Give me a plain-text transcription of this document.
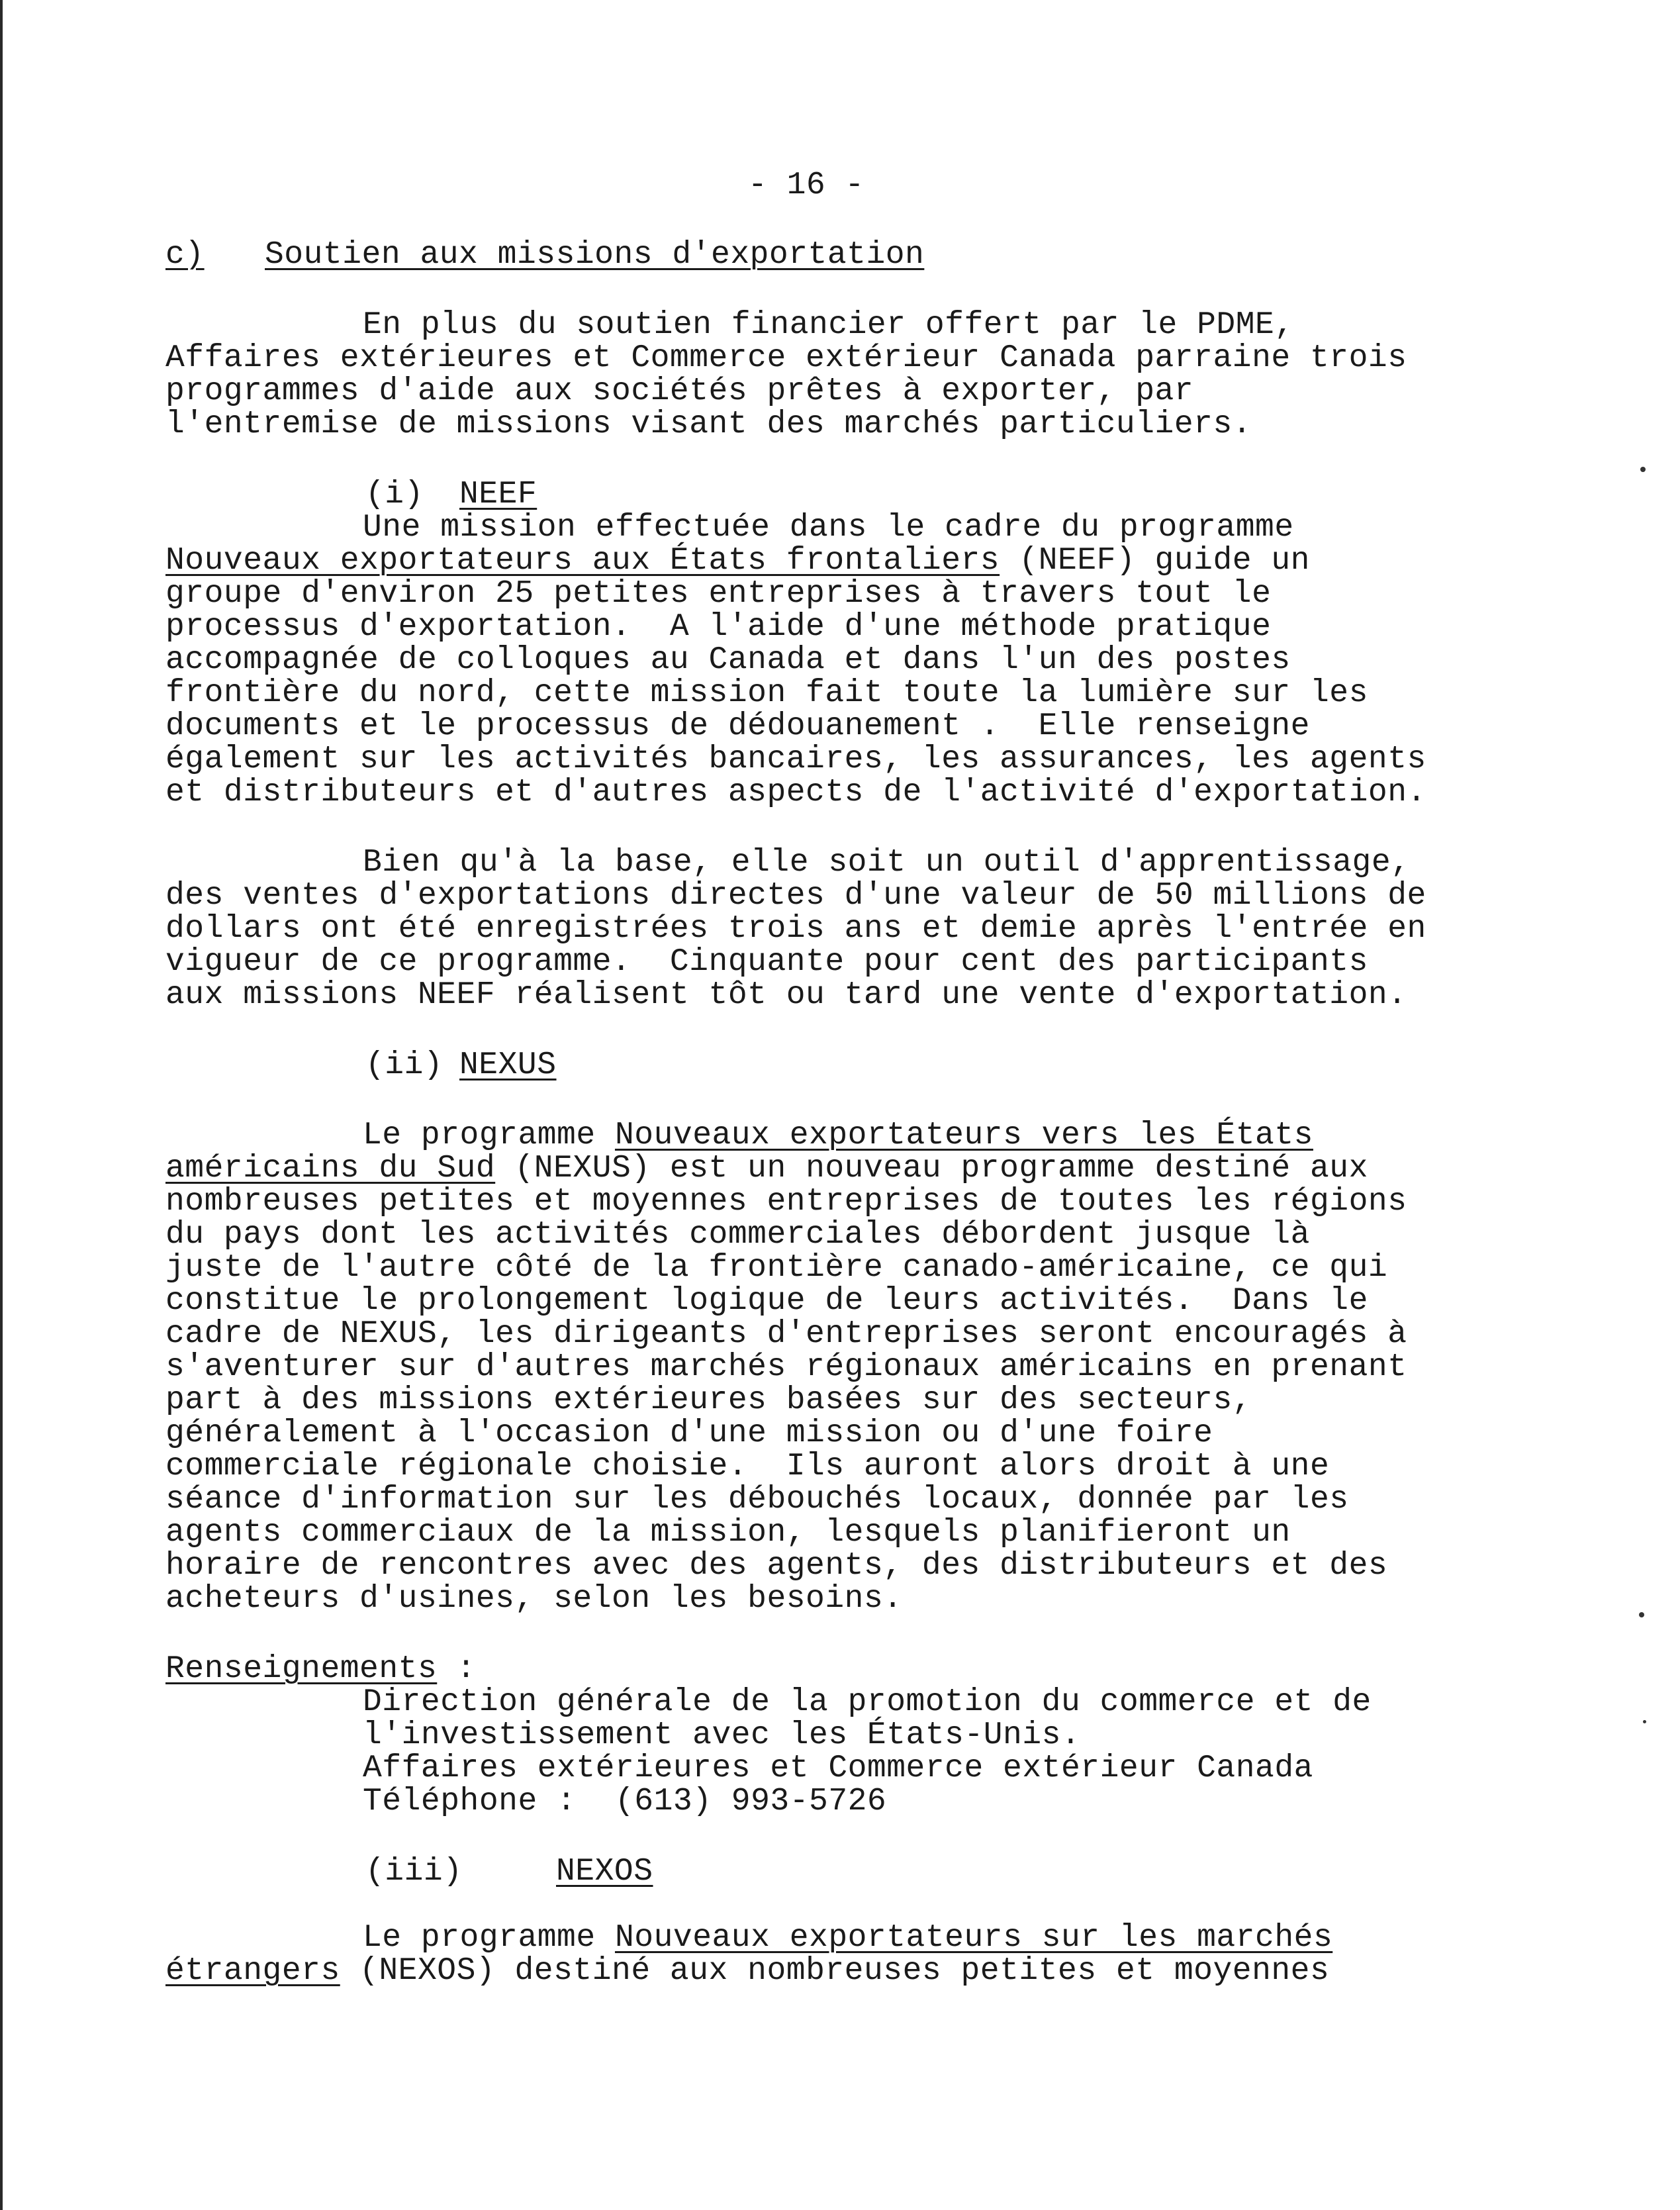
- 16 -
c) Soutien aux missions d'exportation
En plus du soutien financier offert par le PDME,
Affaires extérieures et Commerce extérieur Canada parraine trois
programmes d'aide aux sociétés prêtes à exporter, par
l'entremise de missions visant des marchés particuliers.
(i) NEEF
Une mission effectuée dans le cadre du programme
Nouveaux exportateurs aux États frontaliers (NEEF) guide un
groupe d'environ 25 petites entreprises à travers tout le
processus d'exportation.  A l'aide d'une méthode pratique
accompagnée de colloques au Canada et dans l'un des postes
frontière du nord, cette mission fait toute la lumière sur les
documents et le processus de dédouanement .  Elle renseigne
également sur les activités bancaires, les assurances, les agents
et distributeurs et d'autres aspects de l'activité d'exportation.
Bien qu'à la base, elle soit un outil d'apprentissage,
des ventes d'exportations directes d'une valeur de 50 millions de
dollars ont été enregistrées trois ans et demie après l'entrée en
vigueur de ce programme.  Cinquante pour cent des participants
aux missions NEEF réalisent tôt ou tard une vente d'exportation.
(ii) NEXUS
Le programme Nouveaux exportateurs vers les États
américains du Sud (NEXUS) est un nouveau programme destiné aux
nombreuses petites et moyennes entreprises de toutes les régions
du pays dont les activités commerciales débordent jusque là
juste de l'autre côté de la frontière canado-américaine, ce qui
constitue le prolongement logique de leurs activités.  Dans le
cadre de NEXUS, les dirigeants d'entreprises seront encouragés à
s'aventurer sur d'autres marchés régionaux américains en prenant
part à des missions extérieures basées sur des secteurs,
généralement à l'occasion d'une mission ou d'une foire
commerciale régionale choisie.  Ils auront alors droit à une
séance d'information sur les débouchés locaux, donnée par les
agents commerciaux de la mission, lesquels planifieront un
horaire de rencontres avec des agents, des distributeurs et des
acheteurs d'usines, selon les besoins.
Renseignements :
Direction générale de la promotion du commerce et de
l'investissement avec les États-Unis.
Affaires extérieures et Commerce extérieur Canada
Téléphone :  (613) 993-5726
(iii)	NEXOS
Le programme Nouveaux exportateurs sur les marchés
étrangers (NEXOS) destiné aux nombreuses petites et moyennes
